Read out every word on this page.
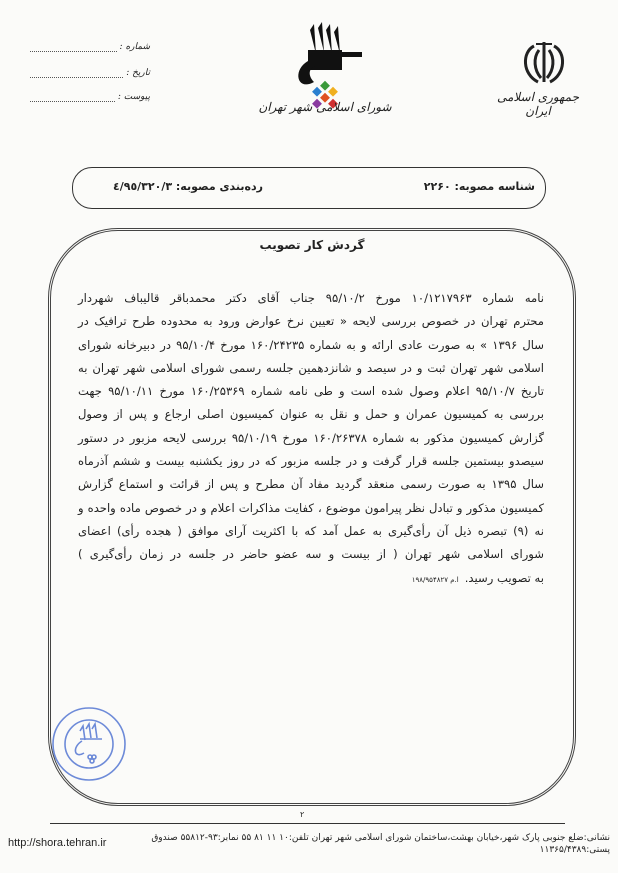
جمهوری اسلامی ایران
شورای اسلامی شهر تهران
شماره :
تاریخ :
پیوست :
شناسه مصوبه: ۲۲۶۰
رده‌بندی مصوبه: ٤/٩٥/٣٢٠/٣
گردش کار تصویب
نامه شماره ۱۰/۱۲۱۷۹۶۳ مورخ ۹۵/۱۰/۲ جناب آقای دکتر محمدباقر قالیباف شهردار
محترم تهران در خصوص بررسی لایحه « تعیین نرخ عوارض ورود به محدوده طرح ترافیک در
سال ۱۳۹۶ » به صورت عادی ارائه و به شماره ۱۶۰/۲۴۲۳۵ مورخ ۹۵/۱۰/۴ در دبیرخانه شورای
اسلامی شهر تهران ثبت و در سیصد و شانزدهمین جلسه رسمی شورای اسلامی شهر تهران به
تاریخ ۹۵/۱۰/۷ اعلام وصول شده است و طی نامه شماره ۱۶۰/۲۵۳۶۹ مورخ ۹۵/۱۰/۱۱ جهت
بررسی به کمیسیون عمران و حمل و نقل به عنوان کمیسیون اصلی ارجاع و پس از وصول
گزارش کمیسیون مذکور به شماره ۱۶۰/۲۶۳۷۸ مورخ ۹۵/۱۰/۱۹ بررسی لایحه مزبور در دستور
سیصدو بیستمین جلسه قرار گرفت و در جلسه مزبور که در روز یکشنبه بیست و ششم آذرماه
سال ۱۳۹۵ به صورت رسمی منعقد گردید مفاد آن مطرح و پس از قرائت و استماع گزارش
کمیسیون مذکور و تبادل نظر پیرامون موضوع ، کفایت مذاکرات اعلام و در خصوص ماده واحده و
نه (۹) تبصره ذیل آن رأی‌گیری به عمل آمد که با اکثریت آرای موافق ( هجده رأی) اعضای
شورای اسلامی شهر تهران ( از بیست و سه عضو حاضر در جلسه در زمان رأی‌گیری )
به تصویب رسید.ا.م ۱۹۸/۹۵۴۸۲۷
۲
نشانی:ضلع جنوبی پارک شهر،خیابان بهشت،ساختمان شورای اسلامی شهر تهران تلفن:۱۰ ۱۱ ۸۱ ۵۵ نمابر:۹۳-۵۵۸۱۲ صندوق پستی:۱۱۳۶۵/۴۳۸۹
http://shora.tehran.ir
